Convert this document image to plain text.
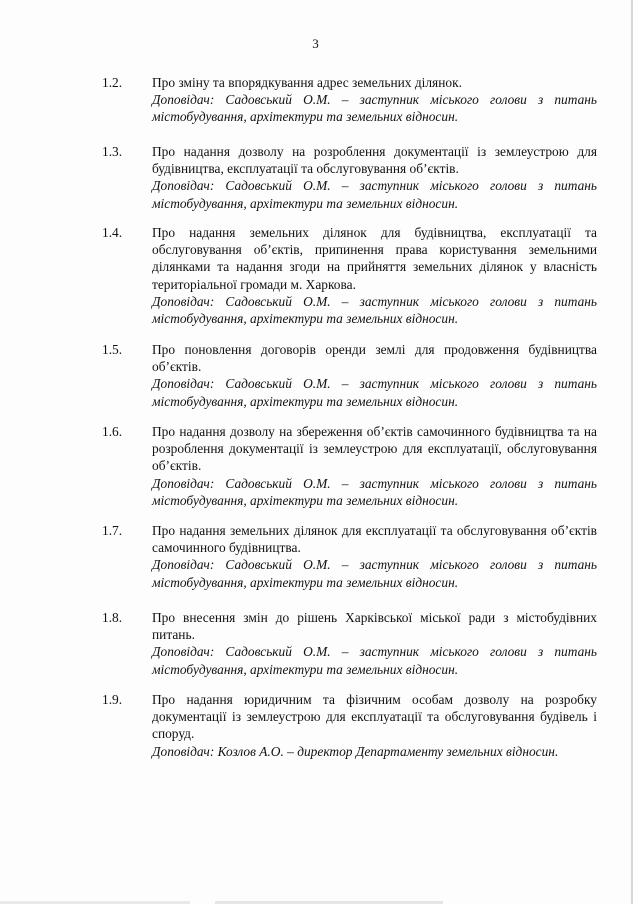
3
1.2.	Про зміну та впорядкування адрес земельних ділянок.
Доповідач: Садовський О.М. – заступник міського голови з питань містобудування, архітектури та земельних відносин.
1.3.	Про надання дозволу на розроблення документації із землеустрою для будівництва, експлуатації та обслуговування об’єктів.
Доповідач: Садовський О.М. – заступник міського голови з питань містобудування, архітектури та земельних відносин.
1.4.	Про надання земельних ділянок для будівництва, експлуатації та обслуговування об’єктів, припинення права користування земельними ділянками та надання згоди на прийняття земельних ділянок у власність територіальної громади м. Харкова.
Доповідач: Садовський О.М. – заступник міського голови з питань містобудування, архітектури та земельних відносин.
1.5.	Про поновлення договорів оренди землі для продовження будівництва об’єктів.
Доповідач: Садовський О.М. – заступник міського голови з питань містобудування, архітектури та земельних відносин.
1.6.	Про надання дозволу на збереження об’єктів самочинного будівництва та на розроблення документації із землеустрою для експлуатації, обслуговування об’єктів.
Доповідач: Садовський О.М. – заступник міського голови з питань містобудування, архітектури та земельних відносин.
1.7.	Про надання земельних ділянок для експлуатації та обслуговування об’єктів самочинного будівництва.
Доповідач: Садовський О.М. – заступник міського голови з питань містобудування, архітектури та земельних відносин.
1.8.	Про внесення змін до рішень Харківської міської ради з містобудівних питань.
Доповідач: Садовський О.М. – заступник міського голови з питань містобудування, архітектури та земельних відносин.
1.9.	Про надання юридичним та фізичним особам дозволу на розробку документації із землеустрою для експлуатації та обслуговування будівель і споруд.
Доповідач: Козлов А.О. – директор Департаменту земельних відносин.
